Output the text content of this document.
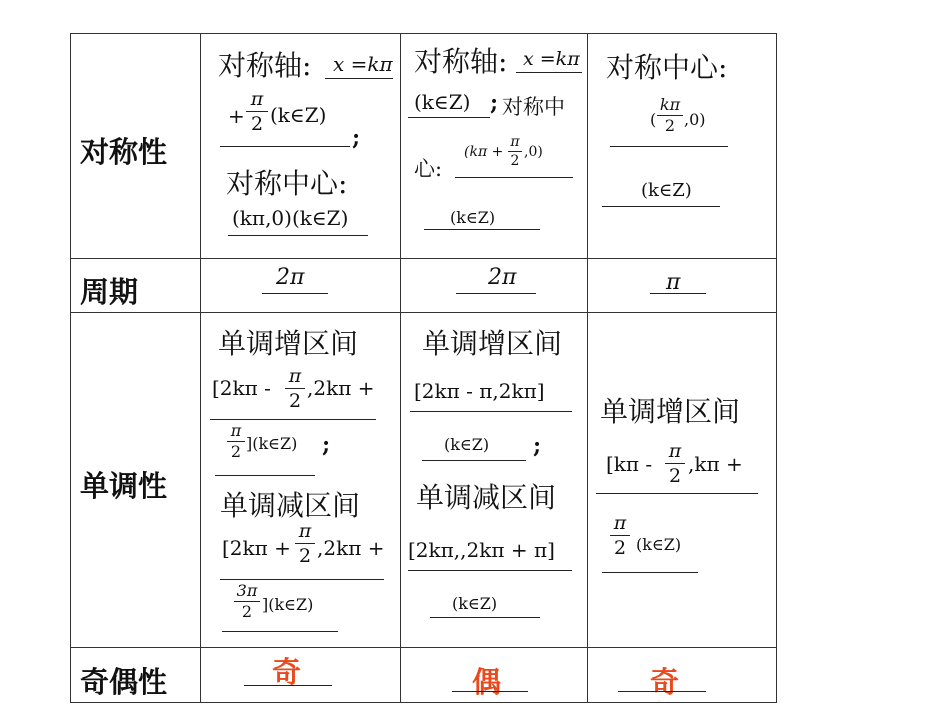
对称性
周期
单调性
奇偶性
对称轴: x =kπ
+
π
2 (k∈Z)
;
对称中心:
(kπ,0)(k∈Z)
2π
单调增区间
[2kπ - π
2
,2kπ +
π
2 ](k∈Z) ;
单调减区间
[2kπ +
π
2 ,2kπ +
3π
2 ](k∈Z)
奇
对称轴: x =kπ
(k∈Z) ; 对称中
心:
(kπ +
π
2
,0)
(k∈Z)
2π
单调增区间
[2kπ - π,2kπ]
(k∈Z) ;
单调减区间
[2kπ,,2kπ + π]
(k∈Z)
偶
对称中心:
(
kπ
2 ,0)
(k∈Z)
π
单调增区间
[kπ -
π
2 ,kπ +
π
2 (k∈Z)
奇
